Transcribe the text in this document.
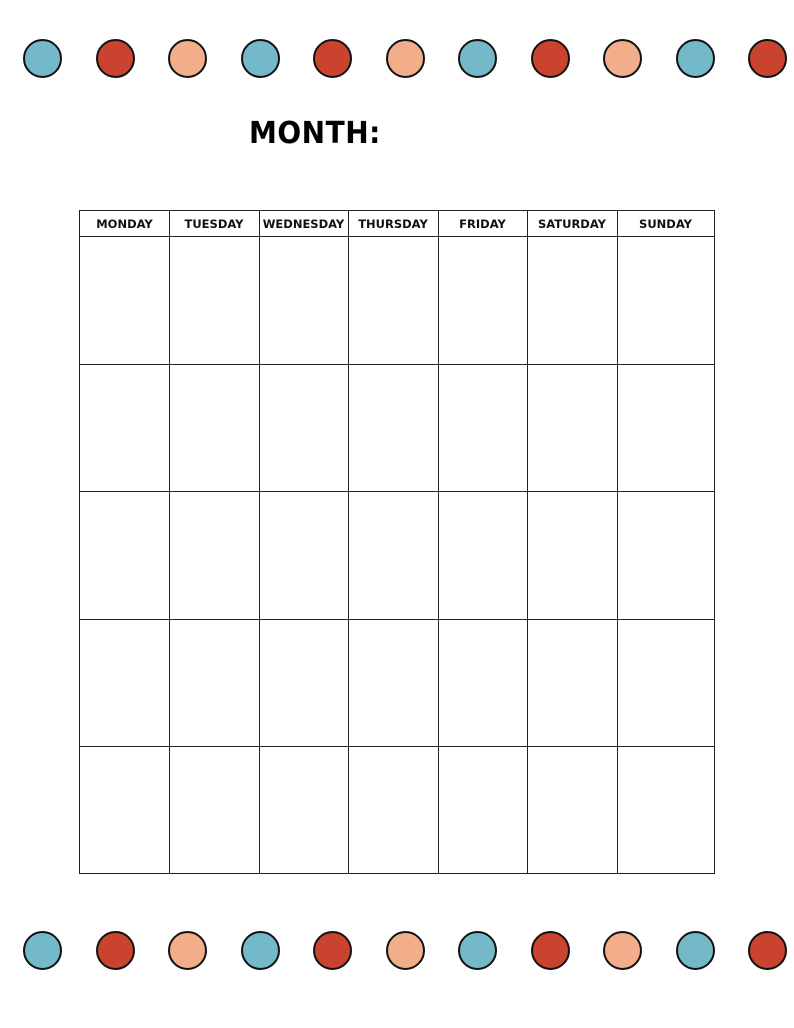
MONTH:
MONDAY	TUESDAY	WEDNESDAY	THURSDAY	FRIDAY	SATURDAY	SUNDAY
